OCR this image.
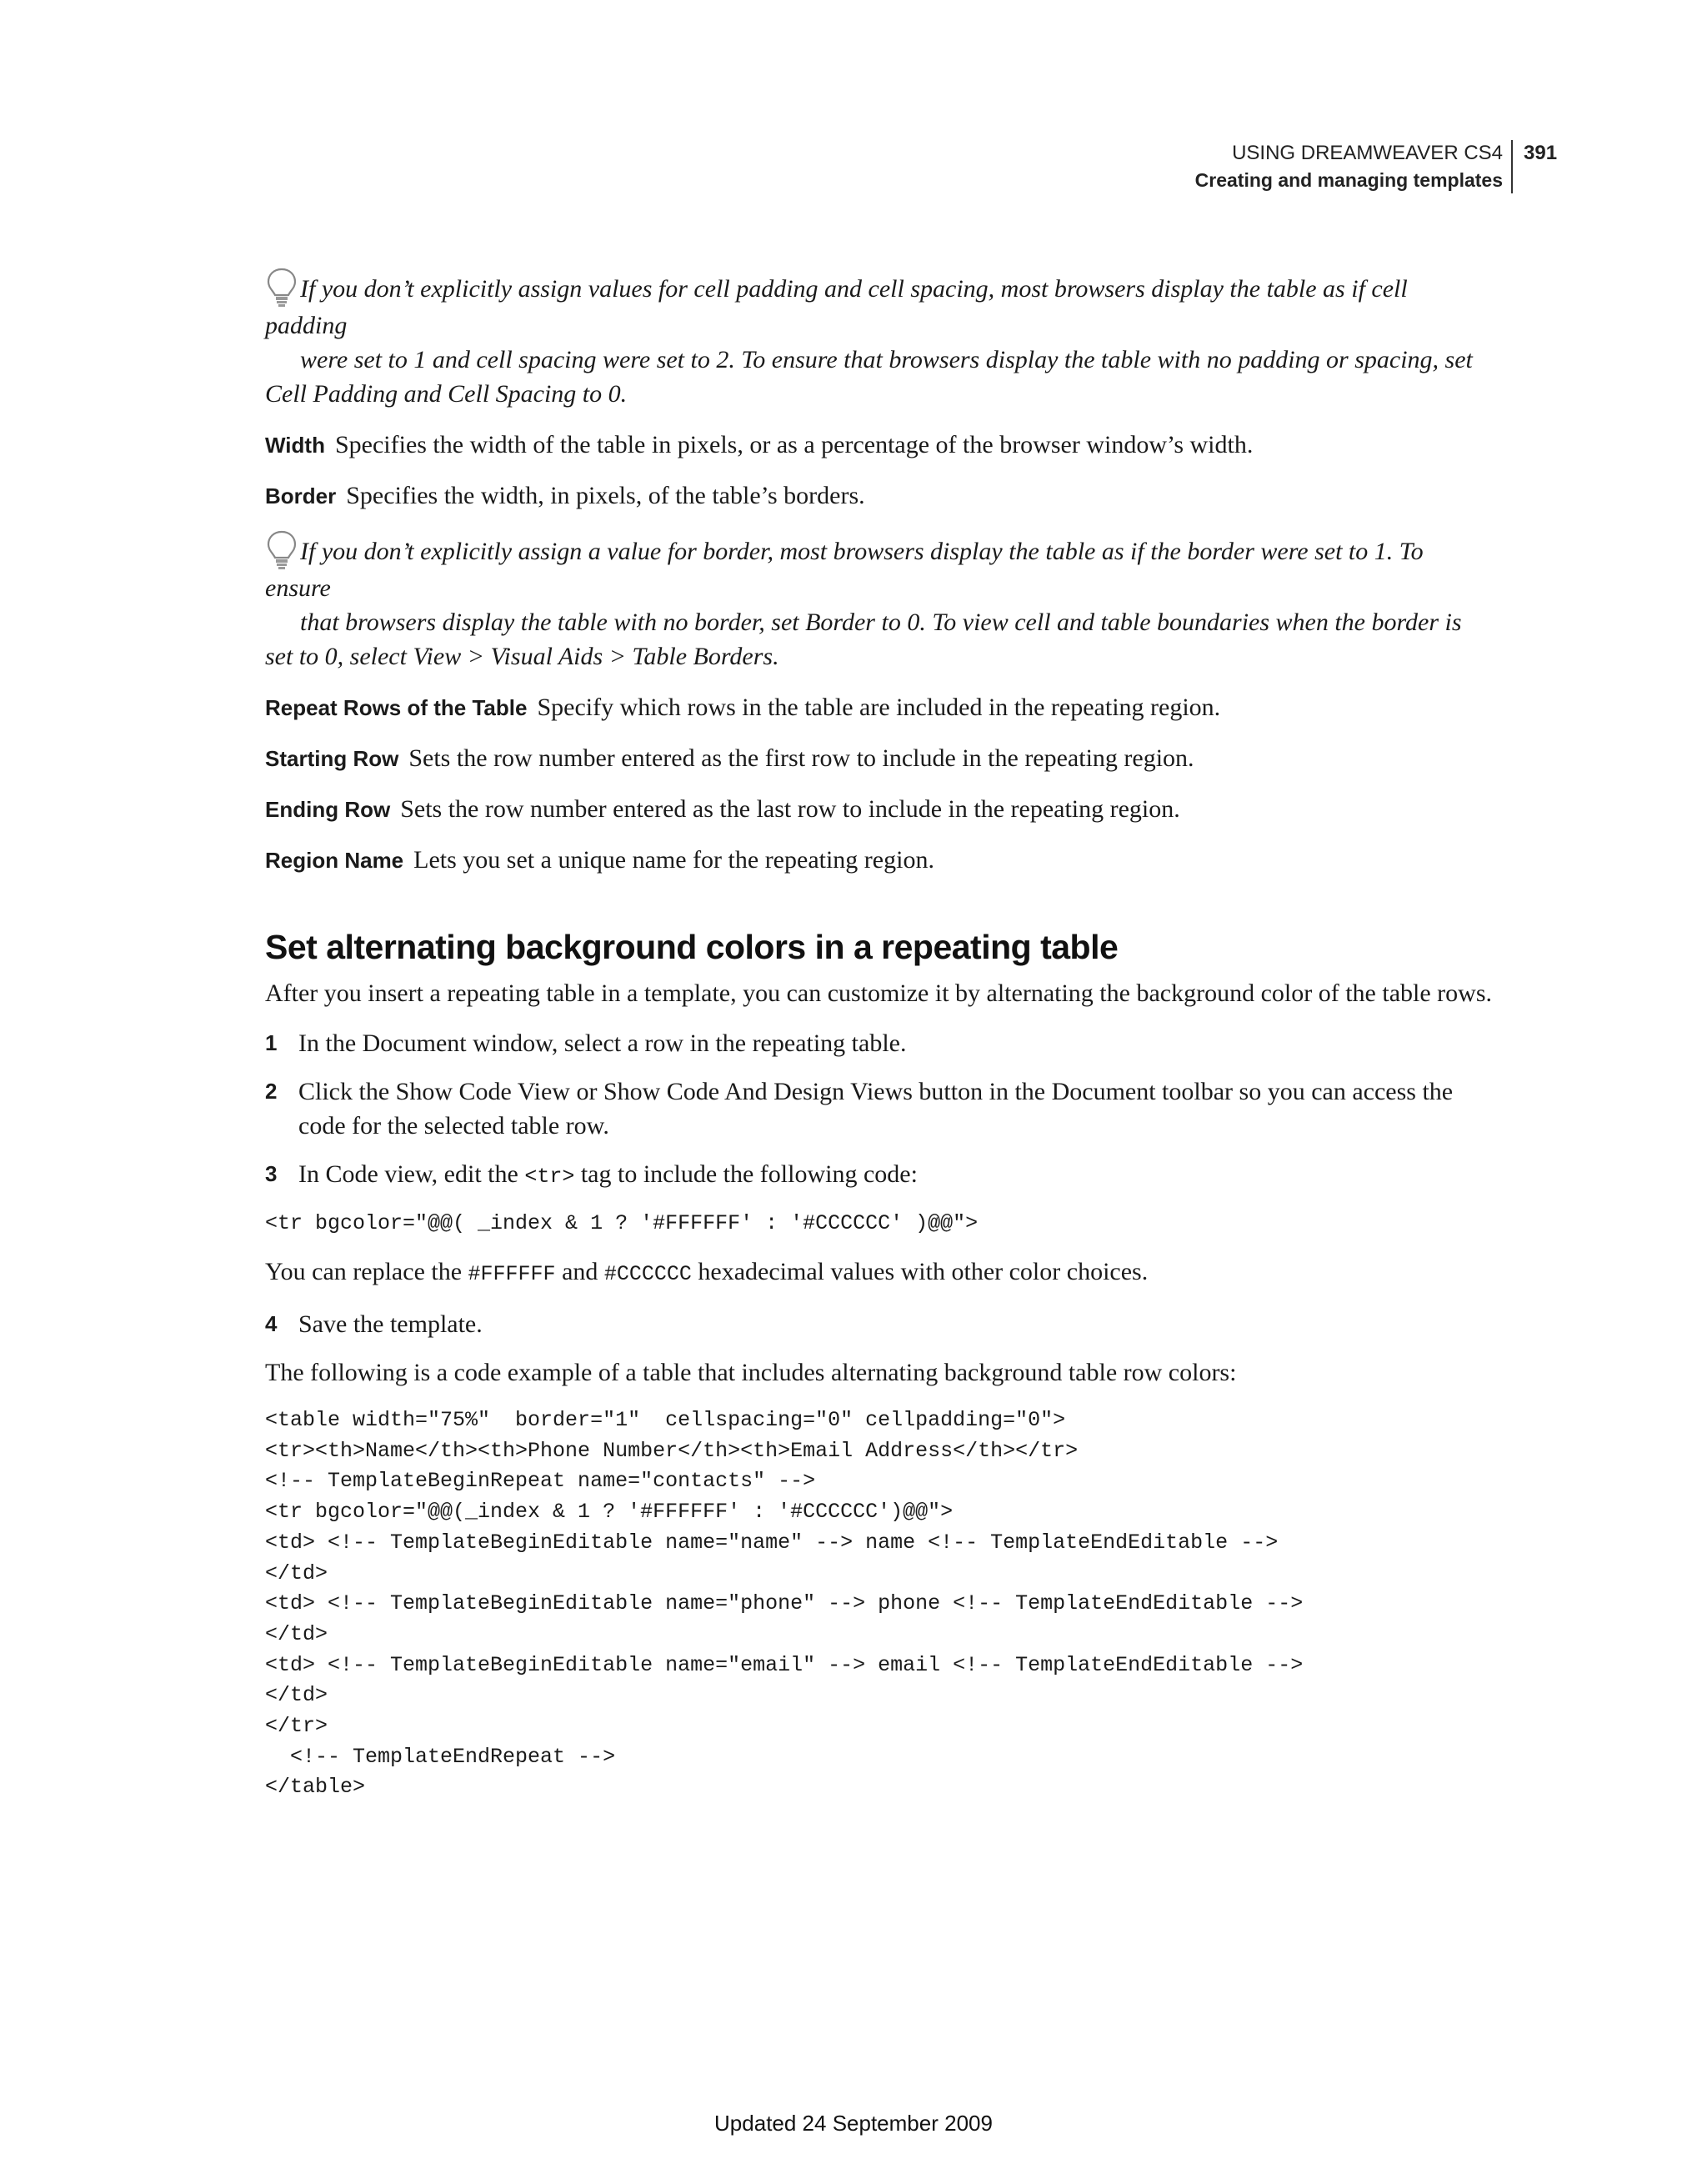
USING DREAMWEAVER CS4
Creating and managing templates
391
If you don’t explicitly assign values for cell padding and cell spacing, most browsers display the table as if cell padding
were set to 1 and cell spacing were set to 2. To ensure that browsers display the table with no padding or spacing, set
Cell Padding and Cell Spacing to 0.
Width Specifies the width of the table in pixels, or as a percentage of the browser window’s width.
Border Specifies the width, in pixels, of the table’s borders.
If you don’t explicitly assign a value for border, most browsers display the table as if the border were set to 1. To ensure
that browsers display the table with no border, set Border to 0. To view cell and table boundaries when the border is
set to 0, select View > Visual Aids > Table Borders.
Repeat Rows of the Table Specify which rows in the table are included in the repeating region.
Starting Row Sets the row number entered as the first row to include in the repeating region.
Ending Row Sets the row number entered as the last row to include in the repeating region.
Region Name Lets you set a unique name for the repeating region.
Set alternating background colors in a repeating table

After you insert a repeating table in a template, you can customize it by alternating the background color of the table rows.

1 In the Document window, select a row in the repeating table.
2 Click the Show Code View or Show Code And Design Views button in the Document toolbar so you can access the code for the selected table row.
3 In Code view, edit the <tr> tag to include the following code:
<tr bgcolor="@@( _index & 1 ? '#FFFFFF' : '#CCCCCC' )@@">

You can replace the #FFFFFF and #CCCCCC hexadecimal values with other color choices.

4 Save the template.

The following is a code example of a table that includes alternating background table row colors:

<table width="75%"  border="1"  cellspacing="0" cellpadding="0">
<tr><th>Name</th><th>Phone Number</th><th>Email Address</th></tr>
<!-- TemplateBeginRepeat name="contacts" -->
<tr bgcolor="@@(_index & 1 ? '#FFFFFF' : '#CCCCCC')@@">
<td> <!-- TemplateBeginEditable name="name" --> name <!-- TemplateEndEditable -->
</td>
<td> <!-- TemplateBeginEditable name="phone" --> phone <!-- TemplateEndEditable -->
</td>
<td> <!-- TemplateBeginEditable name="email" --> email <!-- TemplateEndEditable -->
</td>
</tr>
<!-- TemplateEndRepeat -->
</table>
Updated 24 September 2009
